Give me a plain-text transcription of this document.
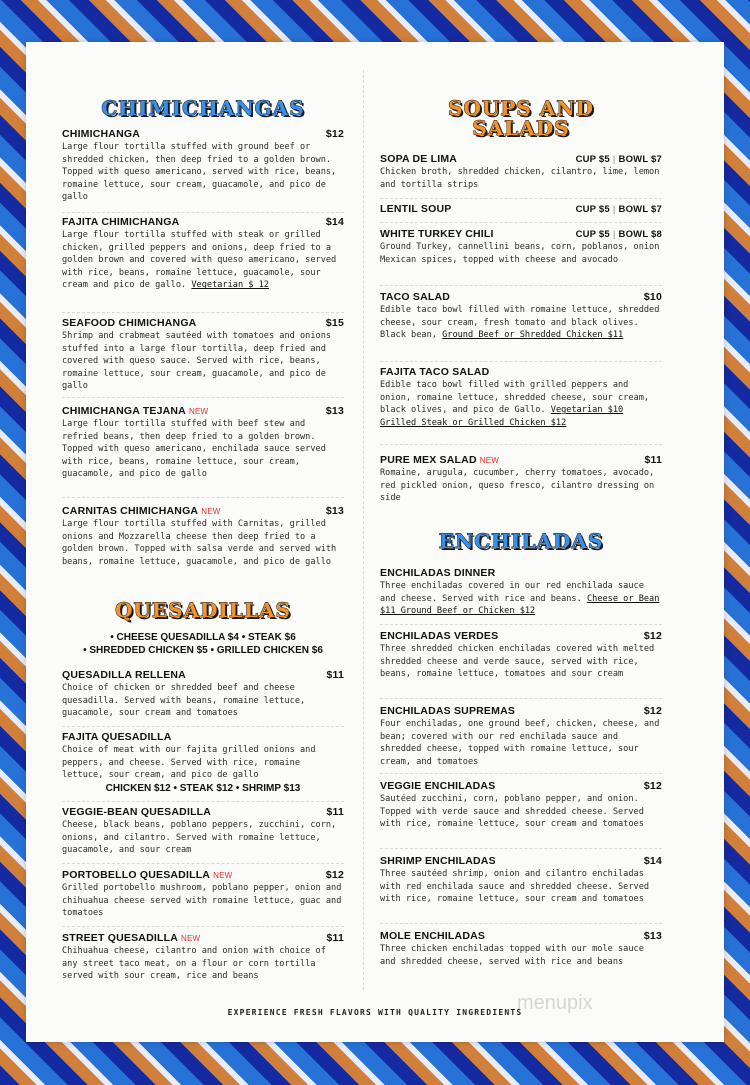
CHIMICHANGAS
CHIMICHANGA	$12
Large flour tortilla stuffed with ground beef or shredded chicken, then deep fried to a golden brown. Topped with queso americano, served with rice, beans, romaine lettuce, sour cream, guacamole, and pico de gallo
FAJITA CHIMICHANGA	$14
Large flour tortilla stuffed with steak or grilled chicken, grilled peppers and onions, deep fried to a golden brown and covered with queso americano, served with rice, beans, romaine lettuce, guacamole, sour cream and pico de gallo. Vegetarian $ 12
SEAFOOD CHIMICHANGA	$15
Shrimp and crabmeat sautéed with tomatoes and onions stuffed into a large flour tortilla, deep fried and covered with queso sauce. Served with rice, beans, romaine lettuce, sour cream, guacamole, and pico de gallo
CHIMICHANGA TEJANA NEW	$13
Large flour tortilla stuffed with beef stew and refried beans, then deep fried to a golden brown. Topped with queso americano, enchilada sauce served with rice, beans, romaine lettuce, sour cream, guacamole, and pico de gallo
CARNITAS CHIMICHANGA NEW	$13
Large flour tortilla stuffed with Carnitas, grilled onions and Mozzarella cheese then deep fried to a golden brown. Topped with salsa verde and served with beans, romaine lettuce, guacamole, and pico de gallo
QUESADILLAS
• CHEESE QUESADILLA $4 • STEAK $6
• SHREDDED CHICKEN $5 • GRILLED CHICKEN $6
QUESADILLA RELLENA	$11
Choice of chicken or shredded beef and cheese quesadilla. Served with beans, romaine lettuce, guacamole, sour cream and tomatoes
FAJITA QUESADILLA
Choice of meat with our fajita grilled onions and peppers, and cheese. Served with rice, romaine lettuce, sour cream, and pico de gallo
CHICKEN $12 • STEAK $12 • SHRIMP $13
VEGGIE-BEAN QUESADILLA	$11
Cheese, black beans, poblano peppers, zucchini, corn, onions, and cilantro. Served with romaine lettuce, guacamole, and sour cream
PORTOBELLO QUESADILLA NEW	$12
Grilled portobello mushroom, poblano pepper, onion and chihuahua cheese served with romaine lettuce, guac and tomatoes
STREET QUESADILLA NEW	$11
Chihuahua cheese, cilantro and onion with choice of any street taco meat, on a flour or corn tortilla served with sour cream, rice and beans
SOUPS AND
SALADS
SOPA DE LIMA	CUP $5 | BOWL $7
Chicken broth, shredded chicken, cilantro, lime, lemon and tortilla strips
LENTIL SOUP	CUP $5 | BOWL $7
WHITE TURKEY CHILI	CUP $5 | BOWL $8
Ground Turkey, cannellini beans, corn, poblanos, onion Mexican spices, topped with cheese and avocado
TACO SALAD	$10
Edible taco bowl filled with romaine lettuce, shredded cheese, sour cream, fresh tomato and black olives. Black bean, Ground Beef or Shredded Chicken $11
FAJITA TACO SALAD
Edible taco bowl filled with grilled peppers and onion, romaine lettuce, shredded cheese, sour cream, black olives, and pico de Gallo. Vegetarian $10 Grilled Steak or Grilled Chicken $12
PURE MEX SALAD NEW	$11
Romaine, arugula, cucumber, cherry tomatoes, avocado, red pickled onion, queso fresco, cilantro dressing on side
ENCHILADAS
ENCHILADAS DINNER
Three enchiladas covered in our red enchilada sauce and cheese. Served with rice and beans. Cheese or Bean $11 Ground Beef or Chicken $12
ENCHILADAS VERDES	$12
Three shredded chicken enchiladas covered with melted shredded cheese and verde sauce, served with rice, beans, romaine lettuce, tomatoes and sour cream
ENCHILADAS SUPREMAS	$12
Four enchiladas, one ground beef, chicken, cheese, and bean; covered with our red enchilada sauce and shredded cheese, topped with romaine lettuce, sour cream, and tomatoes
VEGGIE ENCHILADAS	$12
Sautéed zucchini, corn, poblano pepper, and onion. Topped with verde sauce and shredded cheese. Served with rice, romaine lettuce, sour cream and tomatoes
SHRIMP ENCHILADAS	$14
Three sautéed shrimp, onion and cilantro enchiladas with red enchilada sauce and shredded cheese. Served with rice, romaine lettuce, sour cream and tomatoes
MOLE ENCHILADAS	$13
Three chicken enchiladas topped with our mole sauce and shredded cheese, served with rice and beans
EXPERIENCE FRESH FLAVORS WITH QUALITY INGREDIENTS
menupix
